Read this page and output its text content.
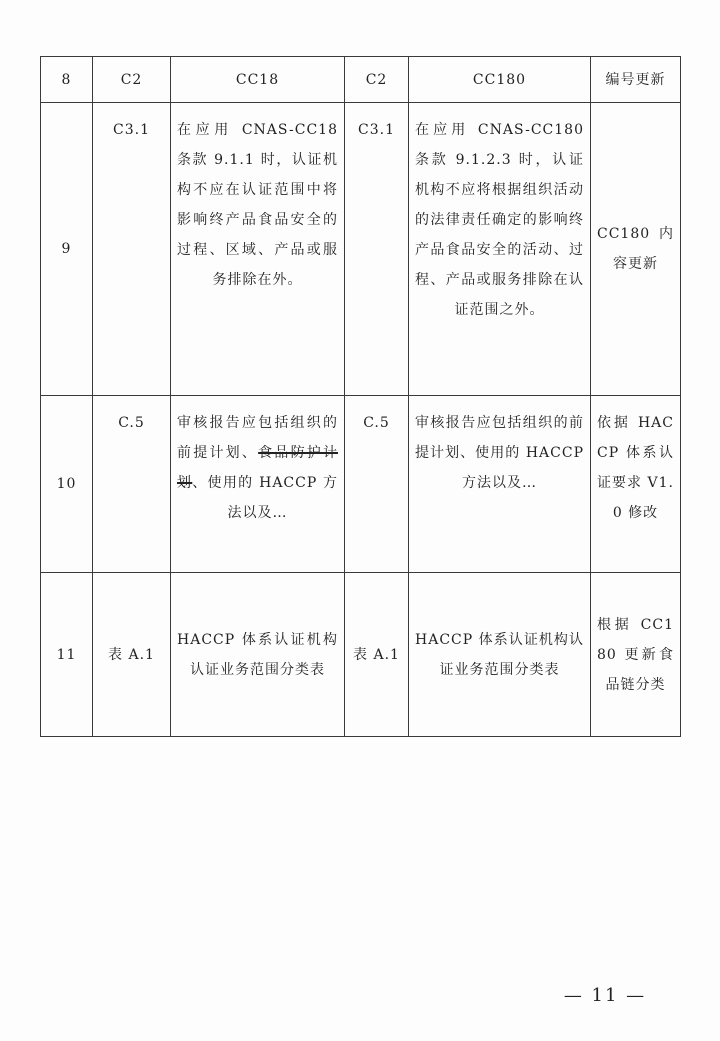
8	C2	CC18	C2	CC180	编号更新
9	C3.1	在应用 CNAS-CC18 条款 9.1.1 时，认证机构不应在认证范围中将影响终产品食品安全的过程、区域、产品或服务排除在外。	C3.1	在应用 CNAS-CC180 条款 9.1.2.3 时，认证机构不应将根据组织活动的法律责任确定的影响终产品食品安全的活动、过程、产品或服务排除在认证范围之外。	CC180 内容更新

10	C.5	审核报告应包括组织的前提计划、食品防护计划、使用的 HACCP 方法以及…	C.5	审核报告应包括组织的前提计划、使用的 HACCP 方法以及…	依据 HACCP 体系认证要求 V1.0 修改

11	表 A.1	HACCP 体系认证机构认证业务范围分类表	表 A.1	HACCP 体系认证机构认证业务范围分类表	根据 CC180 更新食品链分类
— 11 —
